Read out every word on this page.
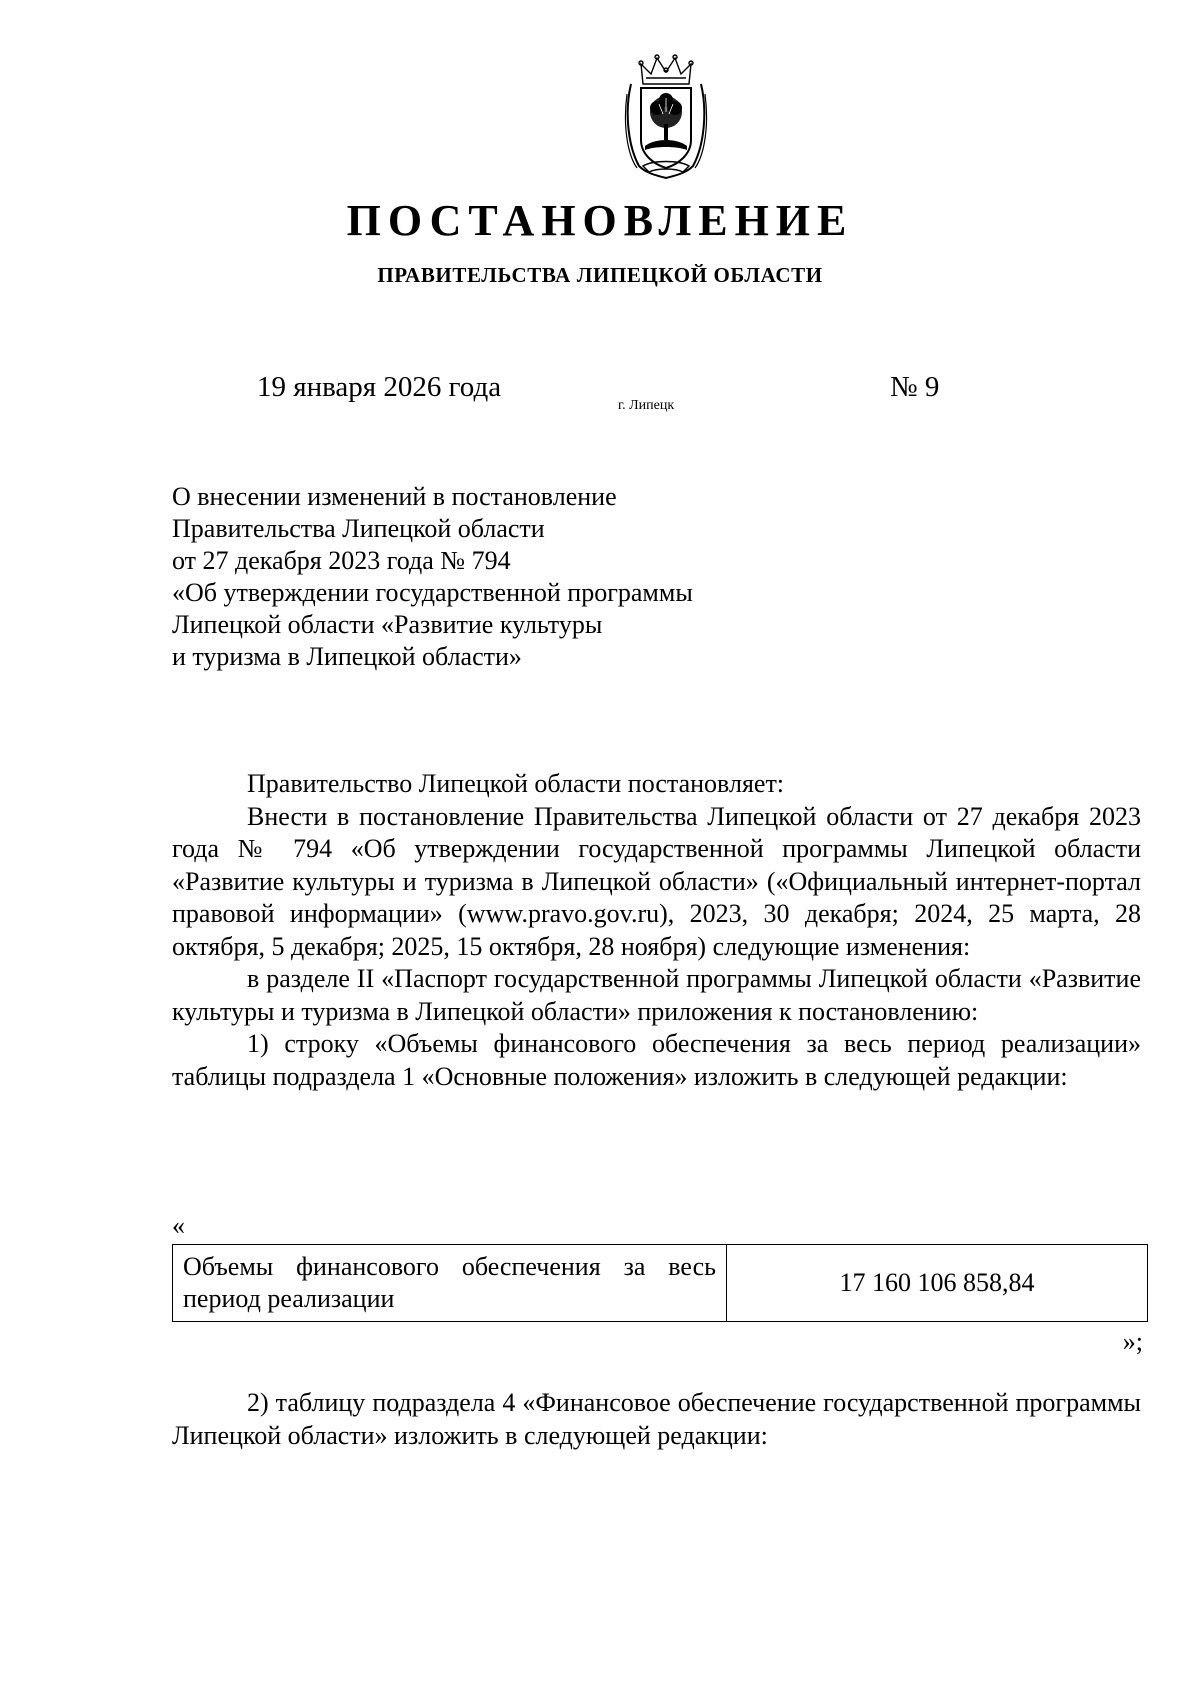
ПОСТАНОВЛЕНИЕ
ПРАВИТЕЛЬСТВА ЛИПЕЦКОЙ ОБЛАСТИ
19 января 2026 года
г. Липецк
№ 9
О внесении изменений в постановление
Правительства Липецкой области
от 27 декабря 2023 года № 794
«Об утверждении государственной программы
Липецкой области «Развитие культуры
и туризма в Липецкой области»

Правительство Липецкой области постановляет:

Внести в постановление Правительства Липецкой области от 27 декабря 2023 года № 794 «Об утверждении государственной программы Липецкой области «Развитие культуры и туризма в Липецкой области» («Официальный интернет-портал правовой информации» (www.pravo.gov.ru), 2023, 30 декабря; 2024, 25 марта, 28 октября, 5 декабря; 2025, 15 октября, 28 ноября) следующие изменения:

в разделе II «Паспорт государственной программы Липецкой области «Развитие культуры и туризма в Липецкой области» приложения к постановлению:

1) строку «Объемы финансового обеспечения за весь период реализации» таблицы подраздела 1 «Основные положения» изложить в следующей редакции:

«
Объемы финансового обеспечения за весь период реализации	17 160 106 858,84
»;

2) таблицу подраздела 4 «Финансовое обеспечение государственной программы Липецкой области» изложить в следующей редакции:
